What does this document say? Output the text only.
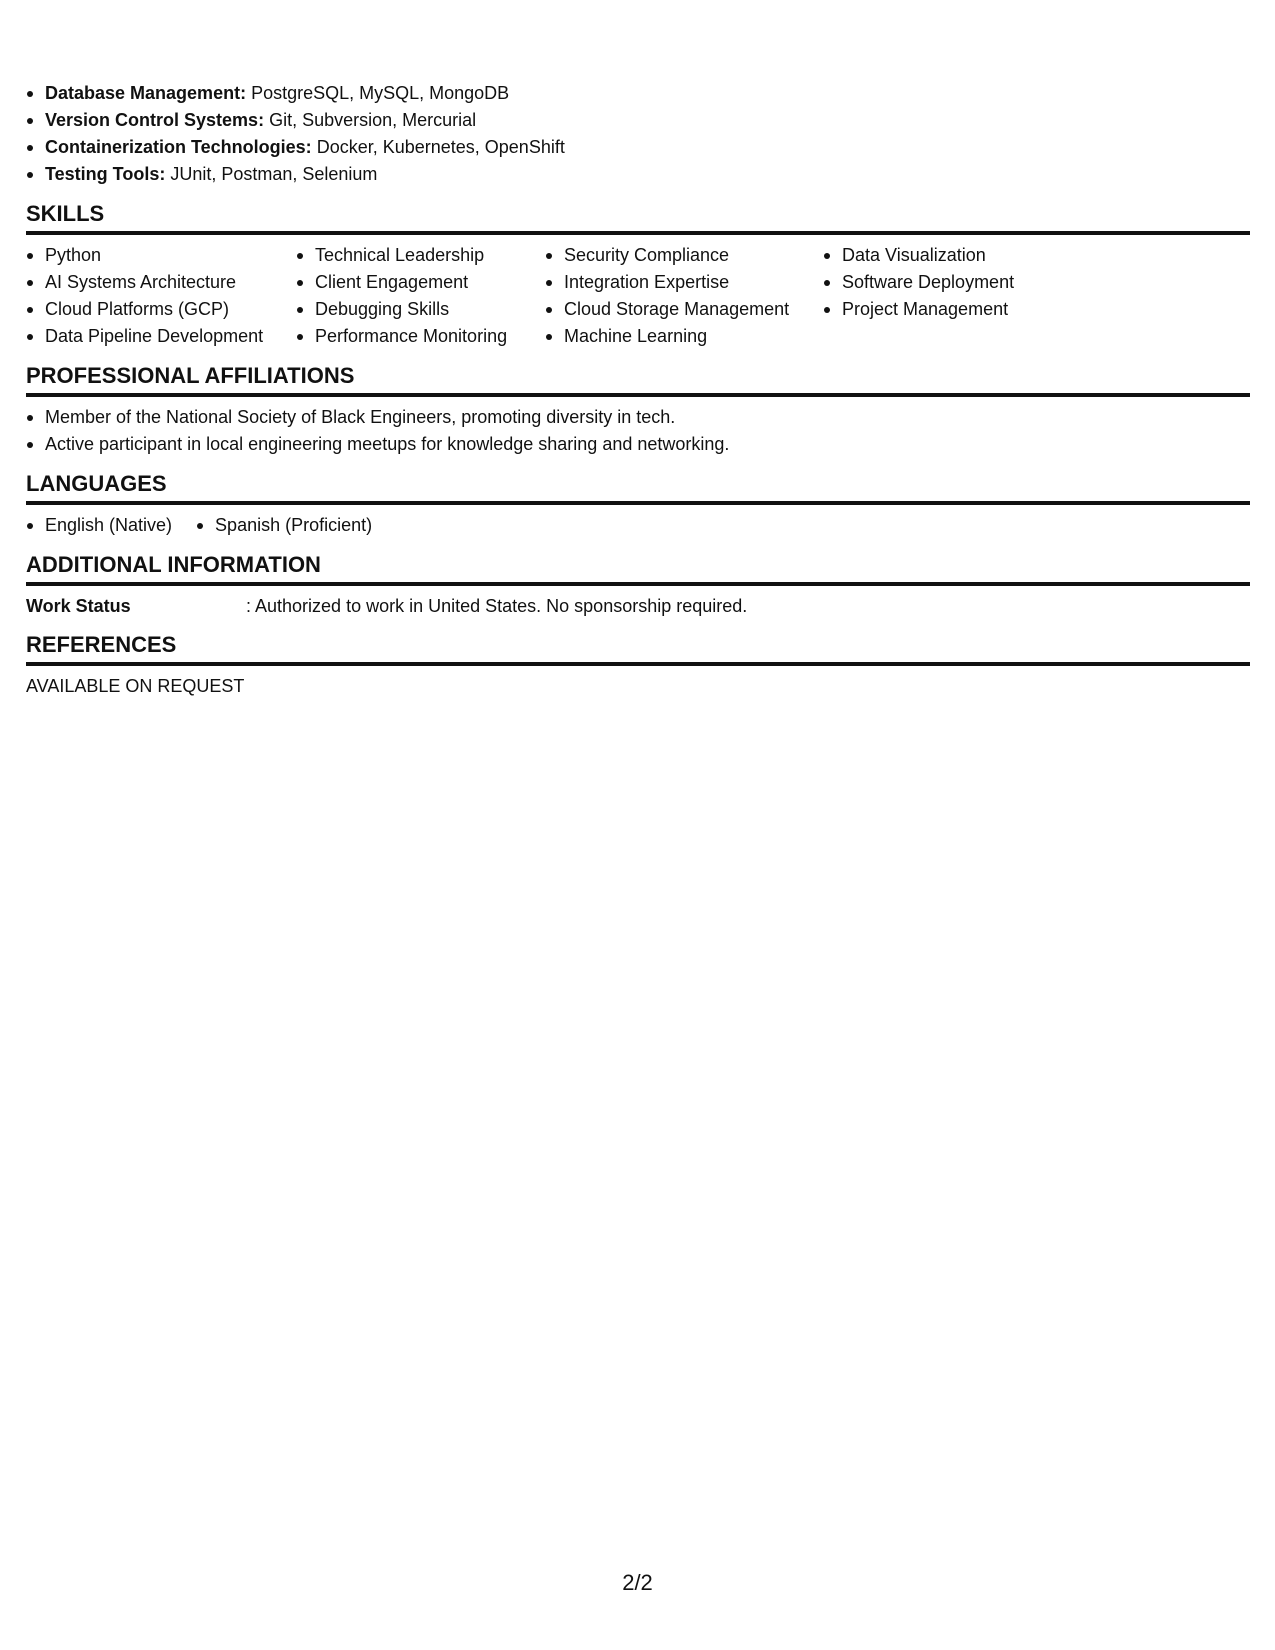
Database Management: PostgreSQL, MySQL, MongoDB
Version Control Systems: Git, Subversion, Mercurial
Containerization Technologies: Docker, Kubernetes, OpenShift
Testing Tools: JUnit, Postman, Selenium
SKILLS
Python
AI Systems Architecture
Cloud Platforms (GCP)
Data Pipeline Development
Technical Leadership
Client Engagement
Debugging Skills
Performance Monitoring
Security Compliance
Integration Expertise
Cloud Storage Management
Machine Learning
Data Visualization
Software Deployment
Project Management
PROFESSIONAL AFFILIATIONS
Member of the National Society of Black Engineers, promoting diversity in tech.
Active participant in local engineering meetups for knowledge sharing and networking.
LANGUAGES
English (Native)	Spanish (Proficient)
ADDITIONAL INFORMATION
Work Status	: Authorized to work in United States. No sponsorship required.
REFERENCES
AVAILABLE ON REQUEST
2/2
